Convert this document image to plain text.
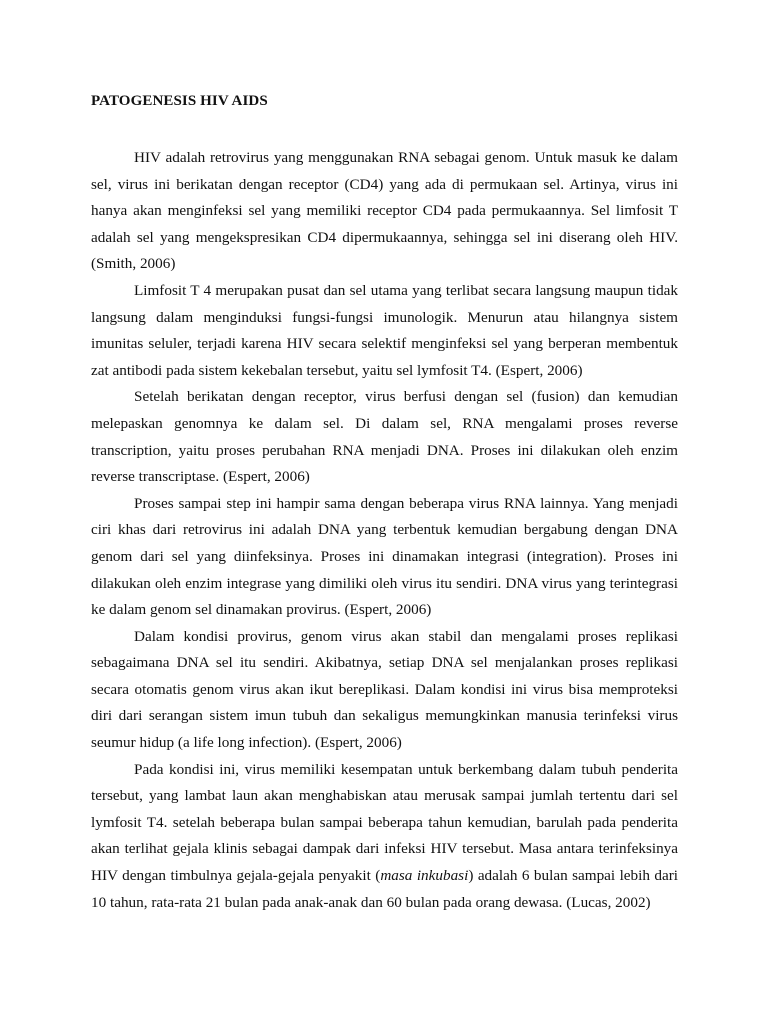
PATOGENESIS HIV AIDS

HIV adalah retrovirus yang menggunakan RNA sebagai genom. Untuk masuk ke dalam sel, virus ini berikatan dengan receptor (CD4) yang ada di permukaan sel. Artinya, virus ini hanya akan menginfeksi sel yang memiliki receptor CD4 pada permukaannya. Sel limfosit T adalah sel yang mengekspresikan CD4 dipermukaannya, sehingga sel ini diserang oleh HIV. (Smith, 2006)

Limfosit T 4 merupakan pusat dan sel utama yang terlibat secara langsung maupun tidak langsung dalam menginduksi fungsi-fungsi imunologik. Menurun atau hilangnya sistem imunitas seluler, terjadi karena HIV secara selektif menginfeksi sel yang berperan membentuk zat antibodi pada sistem kekebalan tersebut, yaitu sel lymfosit T4. (Espert, 2006)

Setelah berikatan dengan receptor, virus berfusi dengan sel (fusion) dan kemudian melepaskan genomnya ke dalam sel. Di dalam sel, RNA mengalami proses reverse transcription, yaitu proses perubahan RNA menjadi DNA. Proses ini dilakukan oleh enzim reverse transcriptase. (Espert, 2006)

Proses sampai step ini hampir sama dengan beberapa virus RNA lainnya. Yang menjadi ciri khas dari retrovirus ini adalah DNA yang terbentuk kemudian bergabung dengan DNA genom dari sel yang diinfeksinya. Proses ini dinamakan integrasi (integration). Proses ini dilakukan oleh enzim integrase yang dimiliki oleh virus itu sendiri. DNA virus yang terintegrasi ke dalam genom sel dinamakan provirus. (Espert, 2006)

Dalam kondisi provirus, genom virus akan stabil dan mengalami proses replikasi sebagaimana DNA sel itu sendiri. Akibatnya, setiap DNA sel menjalankan proses replikasi secara otomatis genom virus akan ikut bereplikasi. Dalam kondisi ini virus bisa memproteksi diri dari serangan sistem imun tubuh dan sekaligus memungkinkan manusia terinfeksi virus seumur hidup (a life long infection). (Espert, 2006)

Pada kondisi ini, virus memiliki kesempatan untuk berkembang dalam tubuh penderita tersebut, yang lambat laun akan menghabiskan atau merusak sampai jumlah tertentu dari sel lymfosit T4. setelah beberapa bulan sampai beberapa tahun kemudian, barulah pada penderita akan terlihat gejala klinis sebagai dampak dari infeksi HIV tersebut. Masa antara terinfeksinya HIV dengan timbulnya gejala-gejala penyakit (masa inkubasi) adalah 6 bulan sampai lebih dari 10 tahun, rata-rata 21 bulan pada anak-anak dan 60 bulan pada orang dewasa. (Lucas, 2002)
